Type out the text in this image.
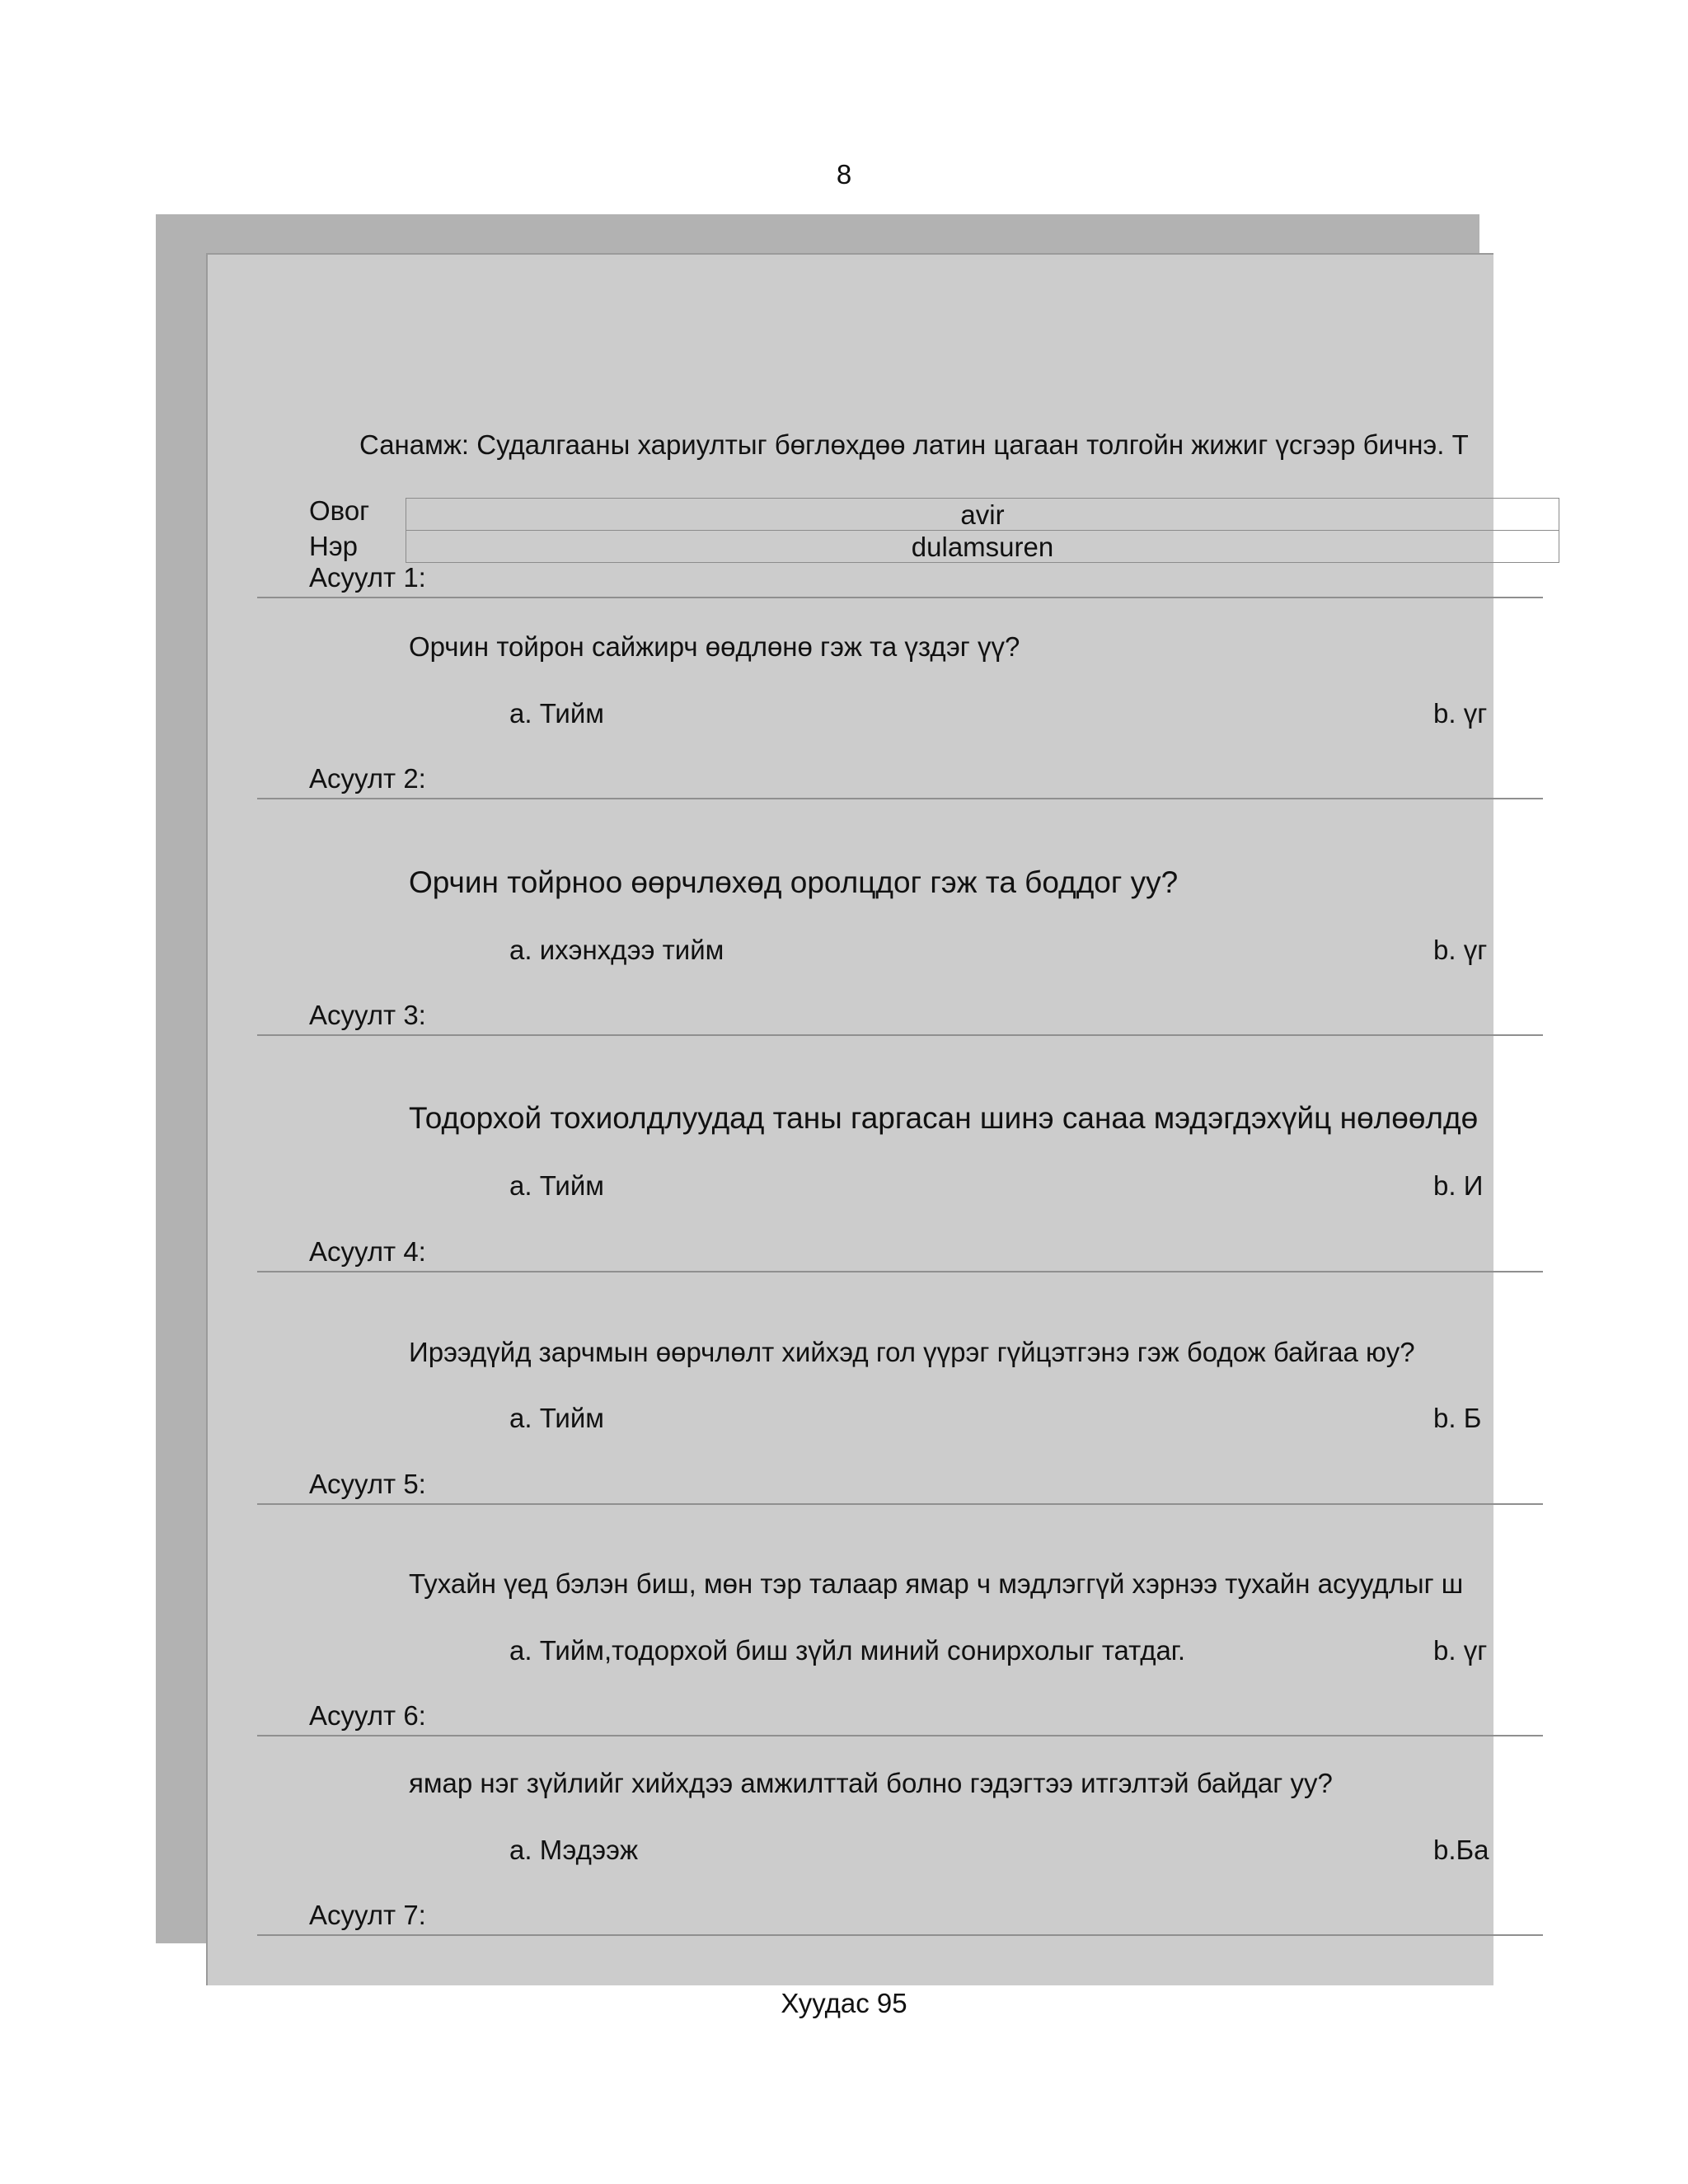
8
Санамж: Судалгааны хариултыг бөглөхдөө латин цагаан толгойн жижиг үсгээр бичнэ. Т
Овог	avir
Нэр	dulamsuren
Асуулт 1:
Орчин тойрон сайжирч өөдлөнө гэж та үздэг үү?
a. Тийм	b. үг
Асуулт 2:
Орчин тойрноо өөрчлөхөд оролцдог гэж та боддог уу?
a. ихэнхдээ тийм	b. үг
Асуулт 3:
Тодорхой тохиолдлуудад таны гаргасан шинэ санаа мэдэгдэхүйц нөлөөлдө
a. Тийм	b. И
Асуулт 4:
Ирээдүйд зарчмын өөрчлөлт хийхэд гол үүрэг гүйцэтгэнэ гэж бодож байгаа юу?
a. Тийм	b. Б
Асуулт 5:
Тухайн үед бэлэн биш, мөн тэр талаар ямар ч мэдлэггүй хэрнээ тухайн асуудлыг ш
a. Тийм,тодорхой биш зүйл миний сонирхолыг татдаг.	b. үг
Асуулт 6:
ямар нэг зүйлийг хийхдээ амжилттай болно гэдэгтээ итгэлтэй байдаг уу?
a. Мэдээж	b.Ба
Асуулт 7:
Хуудас 95
